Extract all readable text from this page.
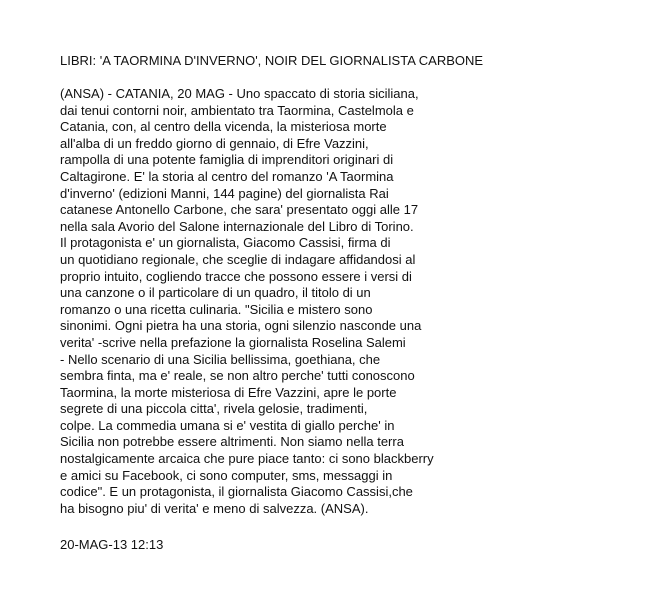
LIBRI: 'A TAORMINA D'INVERNO', NOIR DEL GIORNALISTA CARBONE
(ANSA) - CATANIA, 20 MAG - Uno spaccato di storia siciliana,
dai tenui contorni noir, ambientato tra Taormina, Castelmola e
Catania, con, al centro della vicenda, la misteriosa morte
all'alba di un freddo giorno di gennaio, di Efre Vazzini,
rampolla di una potente famiglia di imprenditori originari di
Caltagirone. E' la storia al centro del romanzo 'A Taormina
d'inverno' (edizioni Manni, 144 pagine) del giornalista Rai
catanese Antonello Carbone, che sara' presentato oggi alle 17
nella sala Avorio del Salone internazionale del Libro di Torino.
Il protagonista e' un giornalista, Giacomo Cassisi, firma di
un quotidiano regionale, che sceglie di indagare affidandosi al
proprio intuito, cogliendo tracce che possono essere i versi di
una canzone o il particolare di un quadro, il titolo di un
romanzo o una ricetta culinaria. "Sicilia e mistero sono
sinonimi. Ogni pietra ha una storia, ogni silenzio nasconde una
verita' -scrive nella prefazione la giornalista Roselina Salemi
- Nello scenario di una Sicilia bellissima, goethiana, che
sembra finta, ma e' reale, se non altro perche' tutti conoscono
Taormina, la morte misteriosa di Efre Vazzini, apre le porte
segrete di una piccola citta', rivela gelosie, tradimenti,
colpe. La commedia umana si e' vestita di giallo perche' in
Sicilia non potrebbe essere altrimenti. Non siamo nella terra
nostalgicamente arcaica che pure piace tanto: ci sono blackberry
e amici su Facebook, ci sono computer, sms, messaggi in
codice". E un protagonista, il giornalista Giacomo Cassisi,che
ha bisogno piu' di verita' e meno di salvezza. (ANSA).
20-MAG-13 12:13
